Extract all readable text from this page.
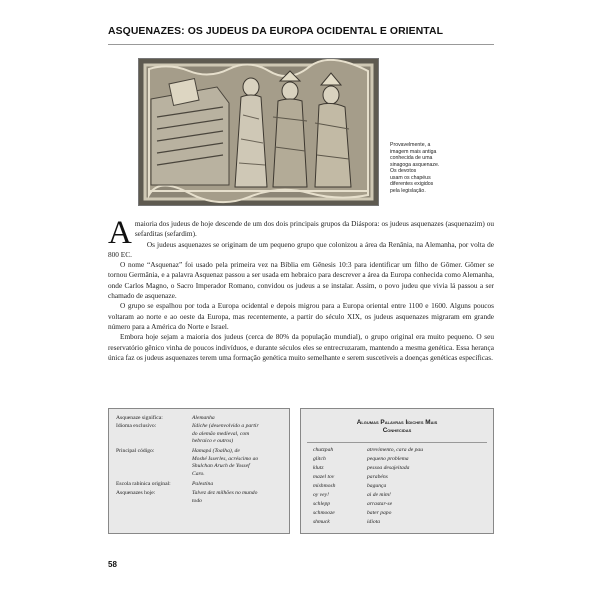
ASQUENAZES: OS JUDEUS DA EUROPA OCIDENTAL E ORIENTAL
Provavelmente, a
imagem mais antiga
conhecida de uma
sinagoga asquenaze.
Os devotos
usam os chapéus
diferentes exigidos
pela legislação.

Amaioria dos judeus de hoje descende de um dos dois principais grupos da Diáspora: os judeus asquenazes (asquenazim) ou sefarditas (sefardim).

Os judeus asquenazes se originam de um pequeno grupo que colonizou a área da Renânia, na Alemanha, por volta de 800 EC.

O nome “Asquenaz” foi usado pela primeira vez na Bíblia em Gênesis 10:3 para identificar um filho de Gômer. Gômer se tornou Germânia, e a palavra Asquenaz passou a ser usada em hebraico para descrever a área da Europa conhecida como Alemanha, onde Carlos Magno, o Sacro Imperador Romano, convidou os judeus a se instalar. Assim, o povo judeu que vivia lá passou a ser chamado de asquenaze.

O grupo se espalhou por toda a Europa ocidental e depois migrou para a Europa oriental entre 1100 e 1600. Alguns poucos voltaram ao norte e ao oeste da Europa, mas recentemente, a partir do século XIX, os judeus asquenazes migraram em grande número para a América do Norte e Israel.

Embora hoje sejam a maioria dos judeus (cerca de 80% da população mundial), o grupo original era muito pequeno. O seu reservatório gênico vinha de poucos indivíduos, e durante séculos eles se entrecruzaram, mantendo a mesma genética. Essa herança única faz os judeus asquenazes terem uma formação genética muito semelhante e serem suscetíveis a doenças genéticas específicas.

Asquenaze significa:	Alemanha
Idioma exclusivo:	Iídiche (desenvolvido a partir
do alemão medieval, com
hebraico e outros)
Principal código:	Hamapá (Toalha), de
Moshé Isserles, acréscimo ao
Shulchan Aruch de Yossef
Caro.
Escola rabínica original:	Palestina
Asquenazes hoje:	Talvez dez milhões no mundo
todo
Algumas Palavras Iídiches Mais
Conhecidas
chutzpah	atrevimento, cara de pau
glitch	pequeno problema
klutz	pessoa desajeitada
mazel tov	parabéns
mishmosh	bagunça
oy vey!	ai de mim!
schlepp	arrastar-se
schmooze	bater papo
shmuck	idiota
58
